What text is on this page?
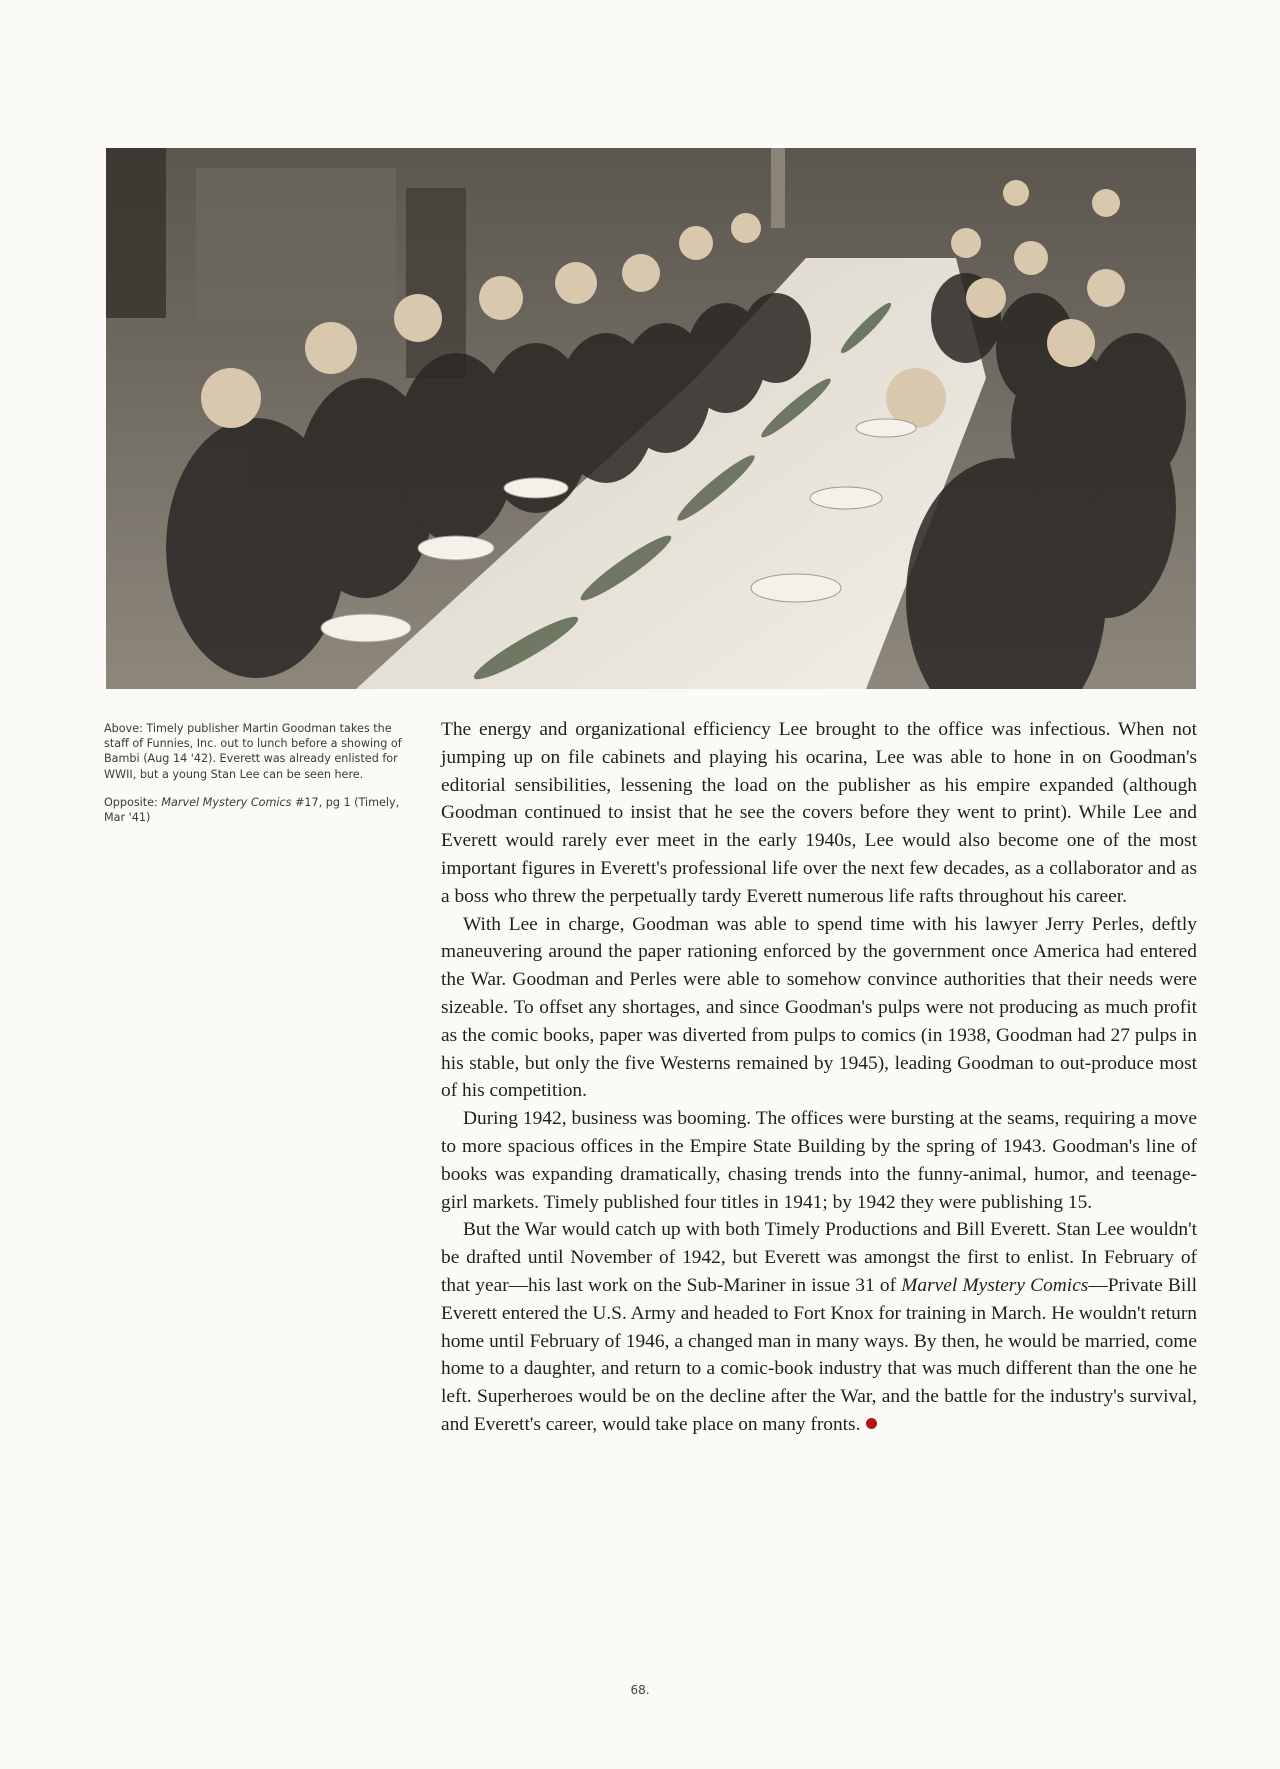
Above: Timely publisher Martin Goodman takes the staff of Funnies, Inc. out to lunch before a showing of Bambi (Aug 14 '42). Everett was already enlisted for WWII, but a young Stan Lee can be seen here.

Opposite: Marvel Mystery Comics #17, pg 1 (Timely, Mar '41)

The energy and organizational efficiency Lee brought to the office was infectious. When not jumping up on file cabinets and playing his ocarina, Lee was able to hone in on Goodman's editorial sensibilities, lessening the load on the publisher as his empire expanded (although Goodman continued to insist that he see the covers before they went to print). While Lee and Everett would rarely ever meet in the early 1940s, Lee would also become one of the most important figures in Everett's professional life over the next few decades, as a collaborator and as a boss who threw the perpetually tardy Everett numerous life rafts throughout his career.

With Lee in charge, Goodman was able to spend time with his lawyer Jerry Perles, deftly maneuvering around the paper rationing enforced by the government once America had entered the War. Goodman and Perles were able to somehow convince authorities that their needs were sizeable. To offset any shortages, and since Goodman's pulps were not producing as much profit as the comic books, paper was diverted from pulps to comics (in 1938, Goodman had 27 pulps in his stable, but only the five Westerns remained by 1945), leading Goodman to out-produce most of his competition.

During 1942, business was booming. The offices were bursting at the seams, requiring a move to more spacious offices in the Empire State Building by the spring of 1943. Goodman's line of books was expanding dramatically, chasing trends into the funny-animal, humor, and teenage-girl markets. Timely published four titles in 1941; by 1942 they were publishing 15.

But the War would catch up with both Timely Productions and Bill Everett. Stan Lee wouldn't be drafted until November of 1942, but Everett was amongst the first to enlist. In February of that year—his last work on the Sub-Mariner in issue 31 of Marvel Mystery Comics—Private Bill Everett entered the U.S. Army and headed to Fort Knox for training in March. He wouldn't return home until February of 1946, a changed man in many ways. By then, he would be married, come home to a daughter, and return to a comic-book industry that was much different than the one he left. Superheroes would be on the decline after the War, and the battle for the industry's survival, and Everett's career, would take place on many fronts.

68.
